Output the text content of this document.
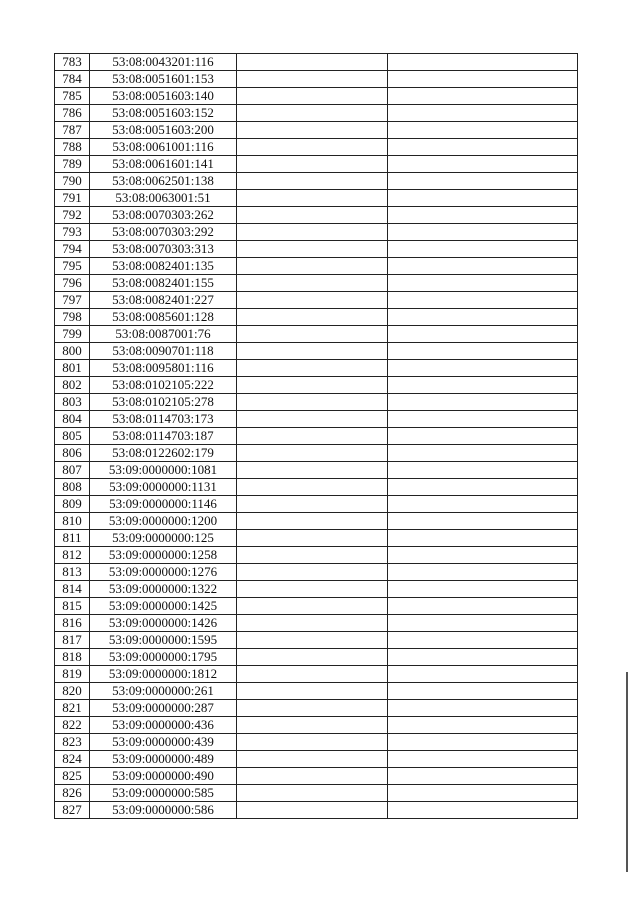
783	53:08:0043201:116		
784	53:08:0051601:153		
785	53:08:0051603:140		
786	53:08:0051603:152		
787	53:08:0051603:200		
788	53:08:0061001:116		
789	53:08:0061601:141		
790	53:08:0062501:138		
791	53:08:0063001:51		
792	53:08:0070303:262		
793	53:08:0070303:292		
794	53:08:0070303:313		
795	53:08:0082401:135		
796	53:08:0082401:155		
797	53:08:0082401:227		
798	53:08:0085601:128		
799	53:08:0087001:76		
800	53:08:0090701:118		
801	53:08:0095801:116		
802	53:08:0102105:222		
803	53:08:0102105:278		
804	53:08:0114703:173		
805	53:08:0114703:187		
806	53:08:0122602:179		
807	53:09:0000000:1081		
808	53:09:0000000:1131		
809	53:09:0000000:1146		
810	53:09:0000000:1200		
811	53:09:0000000:125		
812	53:09:0000000:1258		
813	53:09:0000000:1276		
814	53:09:0000000:1322		
815	53:09:0000000:1425		
816	53:09:0000000:1426		
817	53:09:0000000:1595		
818	53:09:0000000:1795		
819	53:09:0000000:1812		
820	53:09:0000000:261		
821	53:09:0000000:287		
822	53:09:0000000:436		
823	53:09:0000000:439		
824	53:09:0000000:489		
825	53:09:0000000:490		
826	53:09:0000000:585		
827	53:09:0000000:586		
